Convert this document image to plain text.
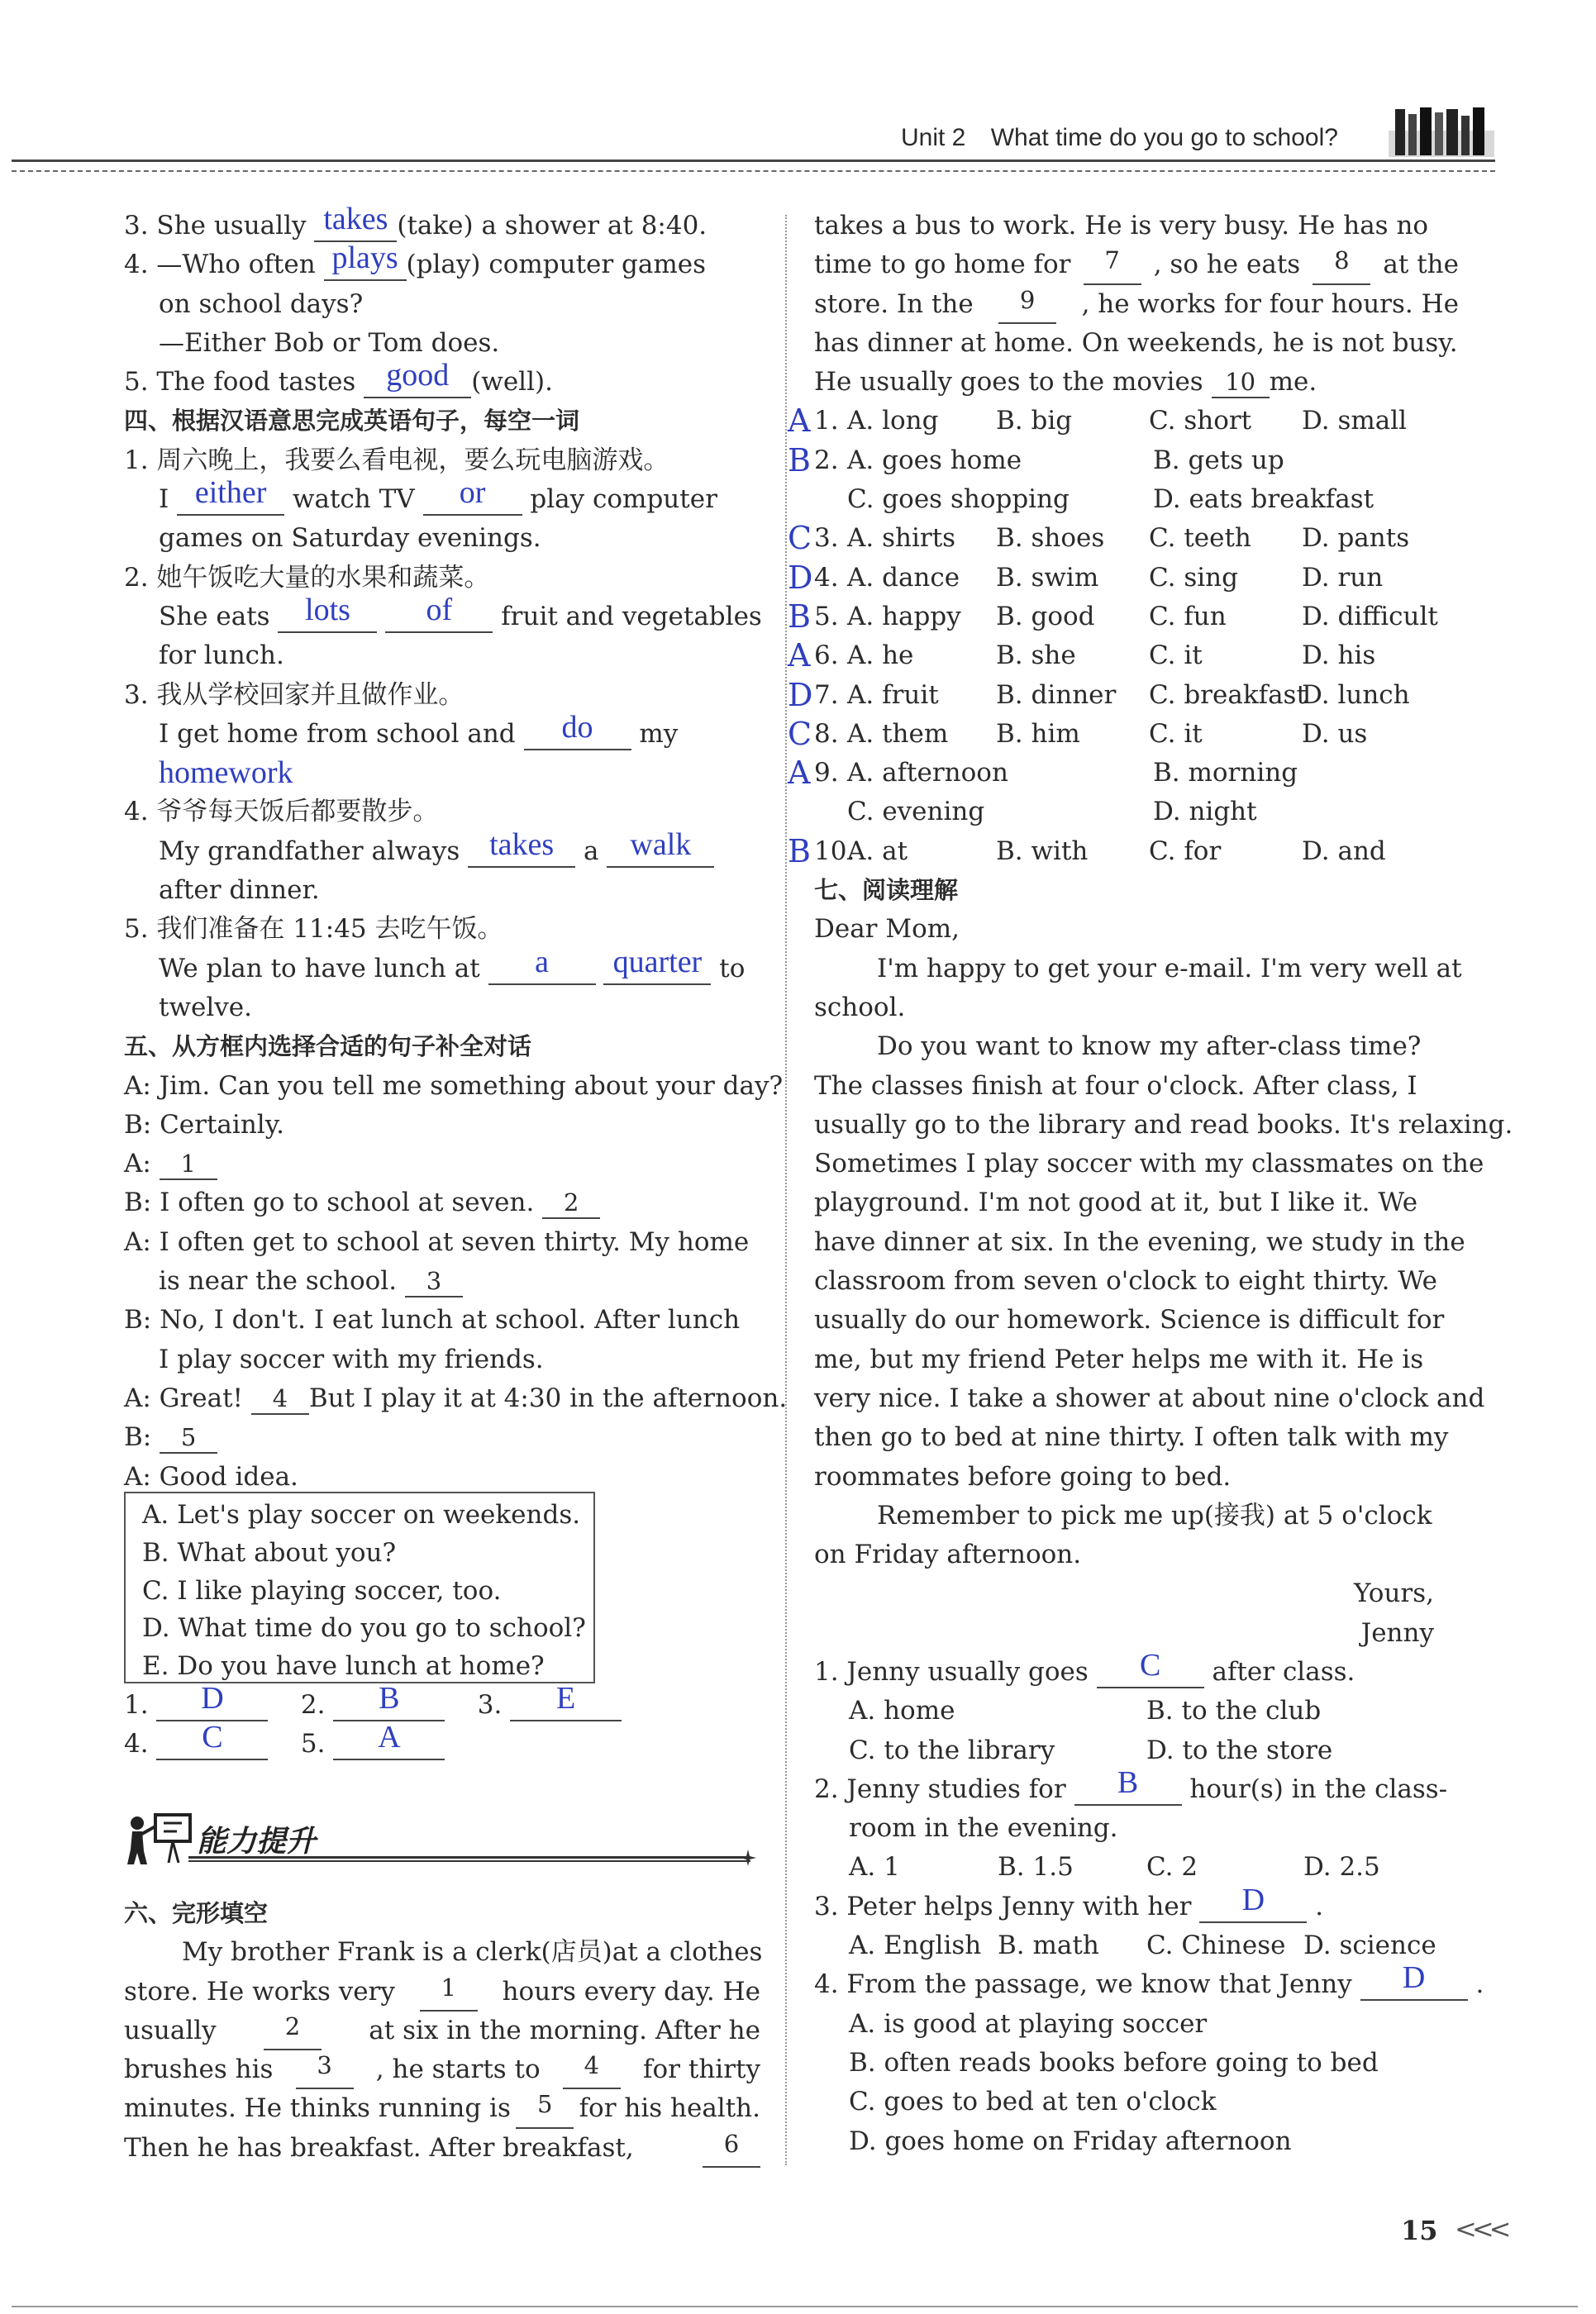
Unit 2 What time do you go to school?
3. She usually takes (take) a shower at 8:40.
4. —Who often plays (play) computer games
on school days?
—Either Bob or Tom does.
5. The food tastes good (well).
四、根据汉语意思完成英语句子，每空一词
1. 周六晚上，我要么看电视，要么玩电脑游戏。
I either watch TV or play computer
games on Saturday evenings.
2. 她午饭吃大量的水果和蔬菜。
She eats lots of fruit and vegetables
for lunch.
3. 我从学校回家并且做作业。
I get home from school and do my
homework
4. 爷爷每天饭后都要散步。
My grandfather always takes a walk
after dinner.
5. 我们准备在 11:45 去吃午饭。
We plan to have lunch at a quarter to
twelve.
五、从方框内选择合适的句子补全对话
A: Jim. Can you tell me something about your day?
B: Certainly.
A: 1
B: I often go to school at seven. 2
A: I often get to school at seven thirty. My home
is near the school. 3
B: No, I don't. I eat lunch at school. After lunch
I play soccer with my friends.
A: Great! 4 But I play it at 4:30 in the afternoon.
B: 5
A: Good idea.
A. Let's play soccer on weekends.
B. What about you?
C. I like playing soccer, too.
D. What time do you go to school?
E. Do you have lunch at home?
1. D	2. B	3. E
4. C	5. A
能力提升
六、完形填空
My brother Frank is a clerk(店员)at a clothes
store. He works very	1	hours every day. He
usually	2	at six in the morning. After he
brushes his	3	, he starts to	4	for thirty
minutes. He thinks running is	5	for his health.
Then he has breakfast. After breakfast,	6
takes a bus to work. He is very busy. He has no
time to go home for	7	, so he eats	8	at the
store. In the	9	, he works for four hours. He
has dinner at home. On weekends, he is not busy.
He usually goes to the movies 10 me.
A 1. A. long	B. big	C. short	D. small
B 2. A. goes home	B. gets up
C. goes shopping	D. eats breakfast
C 3. A. shirts	B. shoes	C. teeth	D. pants
D 4. A. dance	B. swim	C. sing	D. run
B 5. A. happy	B. good	C. fun	D. difficult
A 6. A. he	B. she	C. it	D. his
D 7. A. fruit	B. dinner	C. breakfast
D. lunch
C 8. A. them	B. him	C. it	D. us
A 9. A. afternoon	B. morning
C. evening	D. night
B 10.
A. at	B. with	C. for	D. and
七、阅读理解
Dear Mom,
I'm happy to get your e-mail. I'm very well at
school.
Do you want to know my after-class time?
The classes finish at four o'clock. After class, I
usually go to the library and read books. It's relaxing.
Sometimes I play soccer with my classmates on the
playground. I'm not good at it, but I like it. We
have dinner at six. In the evening, we study in the
classroom from seven o'clock to eight thirty. We
usually do our homework. Science is difficult for
me, but my friend Peter helps me with it. He is
very nice. I take a shower at about nine o'clock and
then go to bed at nine thirty. I often talk with my
roommates before going to bed.
Remember to pick me up(接我) at 5 o'clock
on Friday afternoon.
Yours,
Jenny
1. Jenny usually goes C after class.
A. home	B. to the club
C. to the library	D. to the store
2. Jenny studies for B hour(s) in the class-
room in the evening.
A. 1	B. 1.5	C. 2	D. 2.5
3. Peter helps Jenny with her D .
A. English B. math	C. Chinese D. science
4. From the passage, we know that Jenny D .
A. is good at playing soccer
B. often reads books before going to bed
C. goes to bed at ten o'clock
D. goes home on Friday afternoon
15 <<<
